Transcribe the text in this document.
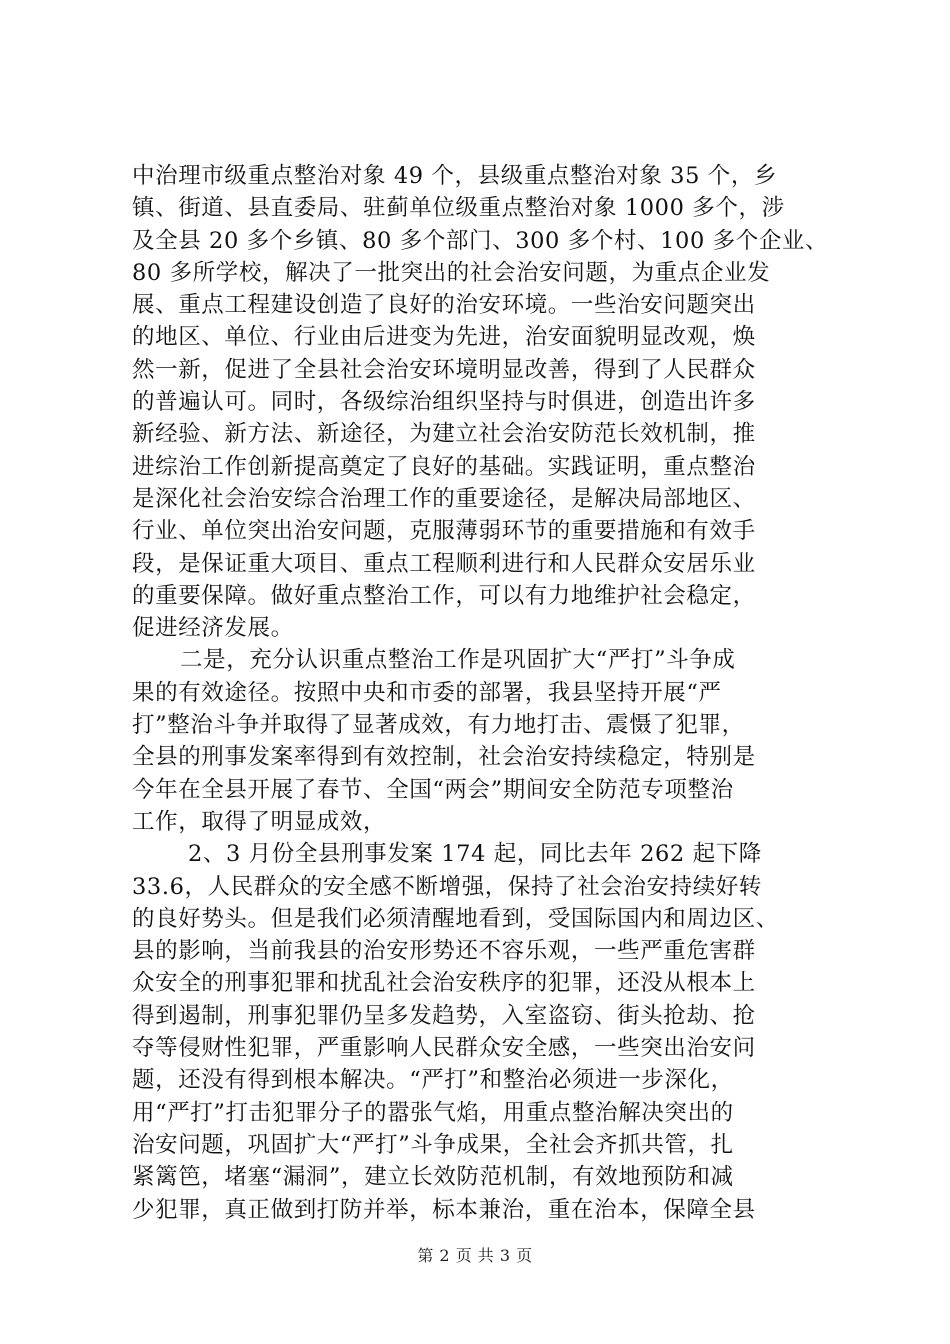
中治理市级重点整治对象 49 个，县级重点整治对象 35 个，乡
镇、街道、县直委局、驻蓟单位级重点整治对象 1000 多个，涉
及全县 20 多个乡镇、80 多个部门、300 多个村、100 多个企业、
80 多所学校，解决了一批突出的社会治安问题，为重点企业发
展、重点工程建设创造了良好的治安环境。一些治安问题突出
的地区、单位、行业由后进变为先进，治安面貌明显改观，焕
然一新，促进了全县社会治安环境明显改善，得到了人民群众
的普遍认可。同时，各级综治组织坚持与时俱进，创造出许多
新经验、新方法、新途径，为建立社会治安防范长效机制，推
进综治工作创新提高奠定了良好的基础。实践证明，重点整治
是深化社会治安综合治理工作的重要途径，是解决局部地区、
行业、单位突出治安问题，克服薄弱环节的重要措施和有效手
段，是保证重大项目、重点工程顺利进行和人民群众安居乐业
的重要保障。做好重点整治工作，可以有力地维护社会稳定，
促进经济发展。
二是，充分认识重点整治工作是巩固扩大“严打”斗争成
果的有效途径。按照中央和市委的部署，我县坚持开展“严
打”整治斗争并取得了显著成效，有力地打击、震慑了犯罪，
全县的刑事发案率得到有效控制，社会治安持续稳定，特别是
今年在全县开展了春节、全国“两会”期间安全防范专项整治
工作，取得了明显成效，
2、3 月份全县刑事发案 174 起，同比去年 262 起下降
33.6，人民群众的安全感不断增强，保持了社会治安持续好转
的良好势头。但是我们必须清醒地看到，受国际国内和周边区、
县的影响，当前我县的治安形势还不容乐观，一些严重危害群
众安全的刑事犯罪和扰乱社会治安秩序的犯罪，还没从根本上
得到遏制，刑事犯罪仍呈多发趋势，入室盗窃、街头抢劫、抢
夺等侵财性犯罪，严重影响人民群众安全感，一些突出治安问
题，还没有得到根本解决。“严打”和整治必须进一步深化，
用“严打”打击犯罪分子的嚣张气焰，用重点整治解决突出的
治安问题，巩固扩大“严打”斗争成果，全社会齐抓共管，扎
紧篱笆，堵塞“漏洞”，建立长效防范机制，有效地预防和减
少犯罪，真正做到打防并举，标本兼治，重在治本，保障全县
第 2 页 共 3 页
